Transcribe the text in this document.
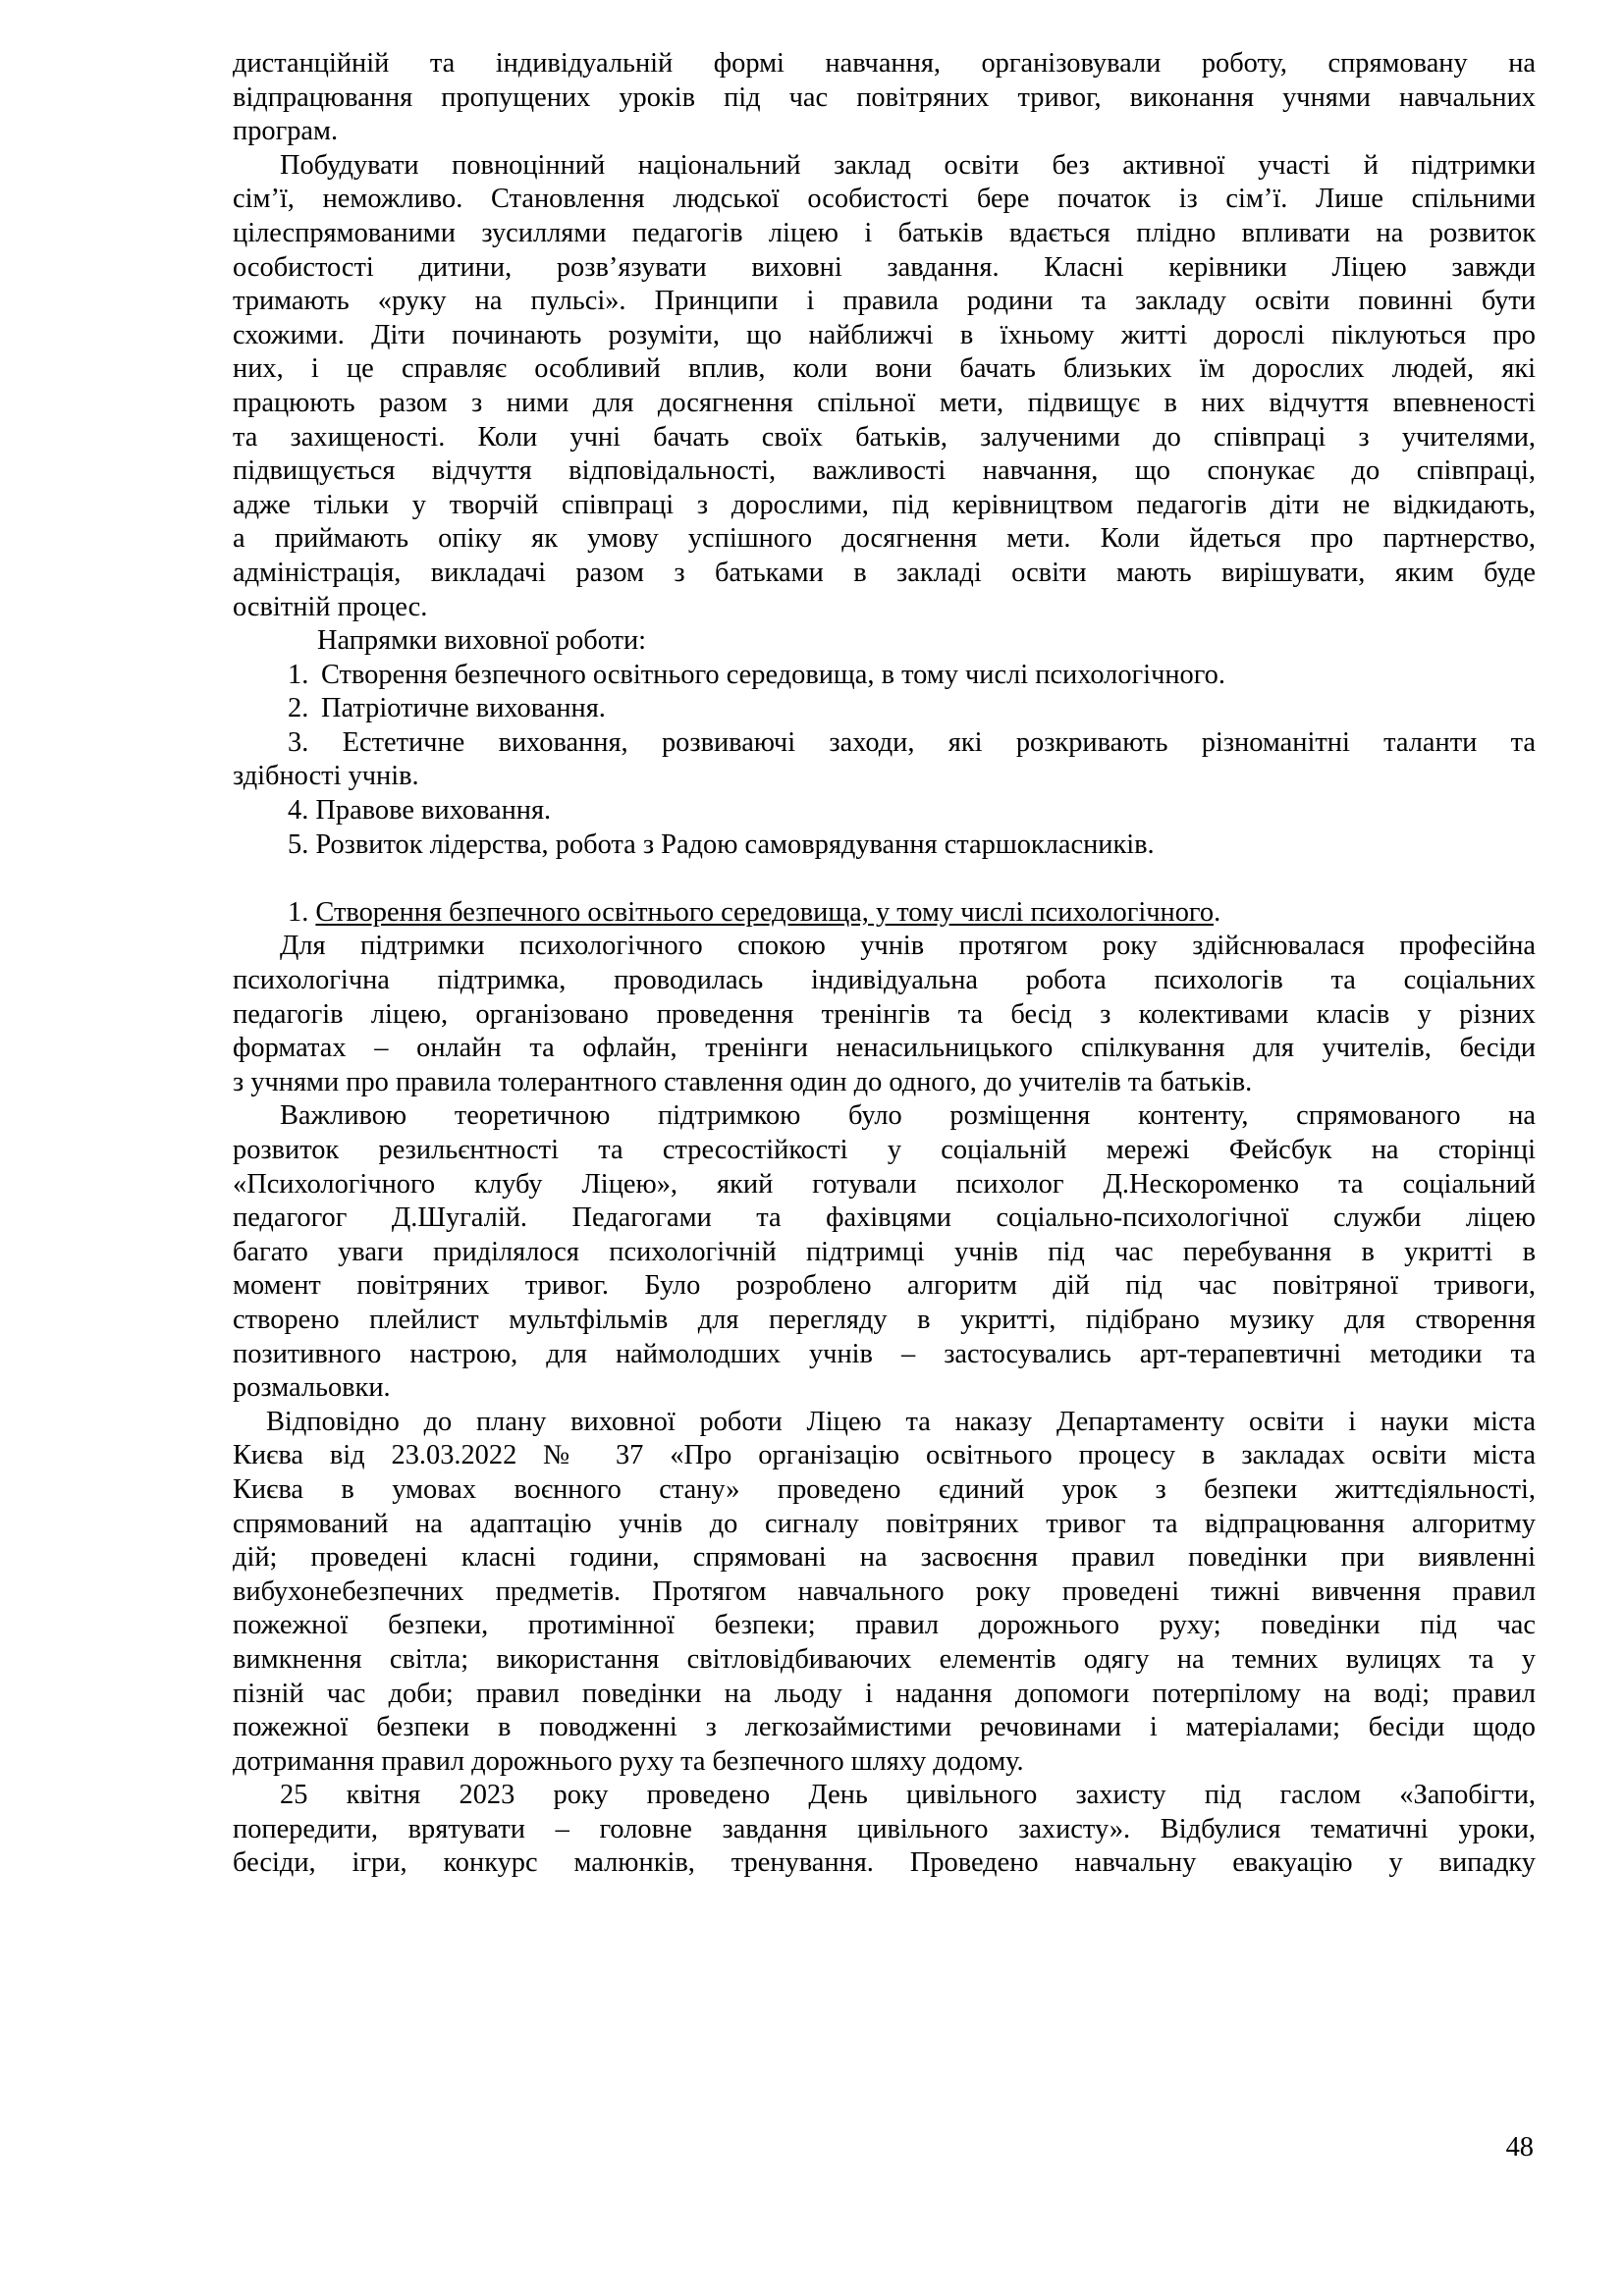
дистанційній та індивідуальній формі навчання, організовували роботу, спрямовану на
відпрацювання пропущених уроків під час повітряних тривог, виконання учнями навчальних
програм.
Побудувати повноцінний національний заклад освіти без активної участі й підтримки
сім’ї, неможливо. Становлення людської особистості бере початок із сім’ї. Лише спільними
цілеспрямованими зусиллями педагогів ліцею і батьків вдається плідно впливати на розвиток
особистості дитини, розв’язувати виховні завдання. Класні керівники Ліцею завжди
тримають «руку на пульсі». Принципи і правила родини та закладу освіти повинні бути
схожими. Діти починають розуміти, що найближчі в їхньому житті дорослі піклуються про
них, і це справляє особливий вплив, коли вони бачать близьких їм дорослих людей, які
працюють разом з ними для досягнення спільної мети, підвищує в них відчуття впевненості
та захищеності. Коли учні бачать своїх батьків, залученими до співпраці з учителями,
підвищується відчуття відповідальності, важливості навчання, що спонукає до співпраці,
адже тільки у творчій співпраці з дорослими, під керівництвом педагогів діти не відкидають,
а приймають опіку як умову успішного досягнення мети. Коли йдеться про партнерство,
адміністрація, викладачі разом з батьками в закладі освіти мають вирішувати, яким буде
освітній процес.
Напрямки виховної роботи:
1. Створення безпечного освітнього середовища, в тому числі психологічного.
2. Патріотичне виховання.
3. Естетичне виховання, розвиваючі заходи, які розкривають різноманітні таланти та
здібності учнів.
4. Правове виховання.
5. Розвиток лідерства, робота з Радою самоврядування старшокласників.
1. Створення безпечного освітнього середовища, у тому числі психологічного.
Для підтримки психологічного спокою учнів протягом року здійснювалася професійна
психологічна підтримка, проводилась індивідуальна робота психологів та соціальних
педагогів ліцею, організовано проведення тренінгів та бесід з колективами класів у різних
форматах – онлайн та офлайн, тренінги ненасильницького спілкування для учителів, бесіди
з учнями про правила толерантного ставлення один до одного, до учителів та батьків.
Важливою теоретичною підтримкою було розміщення контенту, спрямованого на
розвиток резильєнтності та стресостійкості у соціальній мережі Фейсбук на сторінці
«Психологічного клубу Ліцею», який готували психолог Д.Нескороменко та соціальний
педагогог Д.Шугалій. Педагогами та фахівцями соціально-психологічної служби ліцею
багато уваги приділялося психологічній підтримці учнів під час перебування в укритті в
момент повітряних тривог. Було розроблено алгоритм дій під час повітряної тривоги,
створено плейлист мультфільмів для перегляду в укритті, підібрано музику для створення
позитивного настрою, для наймолодших учнів – застосувались арт-терапевтичні методики та
розмальовки.
Відповідно до плану виховної роботи Ліцею та наказу Департаменту освіти і науки міста
Києва від 23.03.2022 № 37 «Про організацію освітнього процесу в закладах освіти міста
Києва в умовах воєнного стану» проведено єдиний урок з безпеки життєдіяльності,
спрямований на адаптацію учнів до сигналу повітряних тривог та відпрацювання алгоритму
дій; проведені класні години, спрямовані на засвоєння правил поведінки при виявленні
вибухонебезпечних предметів. Протягом навчального року проведені тижні вивчення правил
пожежної безпеки, протимінної безпеки; правил дорожнього руху; поведінки під час
вимкнення світла; використання світловідбиваючих елементів одягу на темних вулицях та у
пізній час доби; правил поведінки на льоду і надання допомоги потерпілому на воді; правил
пожежної безпеки в поводженні з легкозаймистими речовинами і матеріалами; бесіди щодо
дотримання правил дорожнього руху та безпечного шляху додому.
25 квітня 2023 року проведено День цивільного захисту під гаслом «Запобігти,
попередити, врятувати – головне завдання цивільного захисту». Відбулися тематичні уроки,
бесіди, ігри, конкурс малюнків, тренування. Проведено навчальну евакуацію у випадку
48
